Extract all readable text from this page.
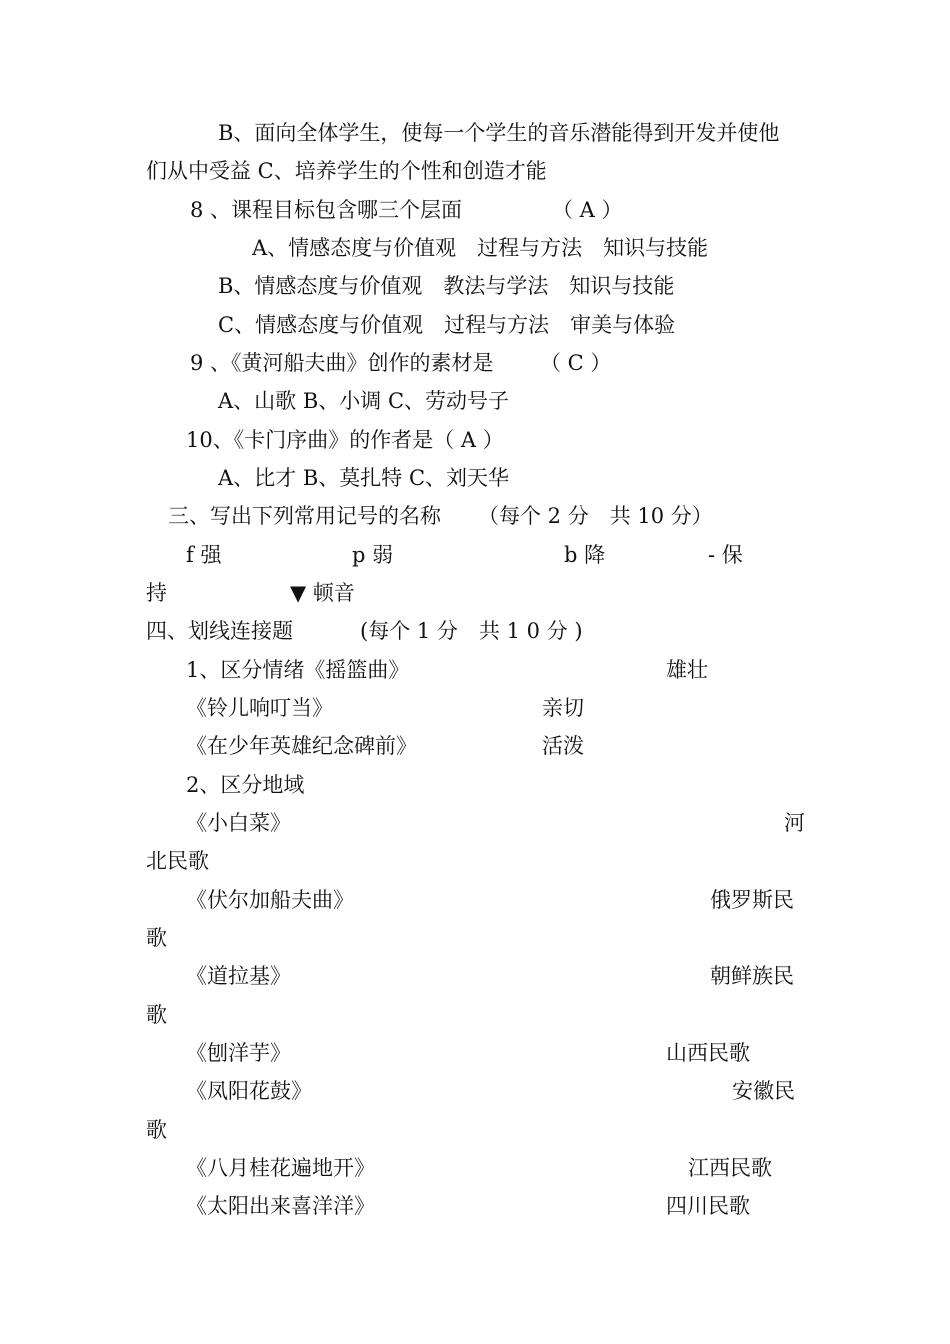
B、面向全体学生，使每一个学生的音乐潜能得到开发并使他
们从中受益 C、培养学生的个性和创造才能
8 、课程目标包含哪三个层面	（ A ）
A、情感态度与价值观　过程与方法　知识与技能
B、情感态度与价值观　教法与学法　知识与技能
C、情感态度与价值观　过程与方法　审美与体验
9 、《黄河船夫曲》创作的素材是 （ C ）
A、山歌 B、小调 C、劳动号子
10、《卡门序曲》的作者是（ A ）
A、比才 B、莫扎特 C、刘天华
三、写出下列常用记号的名称 （每个 2 分　共 10 分）
f 强	p 弱	b 降	- 保
持	▼ 顿音
四、划线连接题	(每个 1 分　共 1 0 分 )
1、区分情绪《摇篮曲》	雄壮
《铃儿响叮当》	亲切
《在少年英雄纪念碑前》	活泼
2、区分地域
《小白菜》	河
北民歌
《伏尔加船夫曲》	俄罗斯民
歌
《道拉基》	朝鲜族民
歌
《刨洋芋》	山西民歌
《凤阳花鼓》	安徽民
歌
《八月桂花遍地开》	江西民歌
《太阳出来喜洋洋》	四川民歌
